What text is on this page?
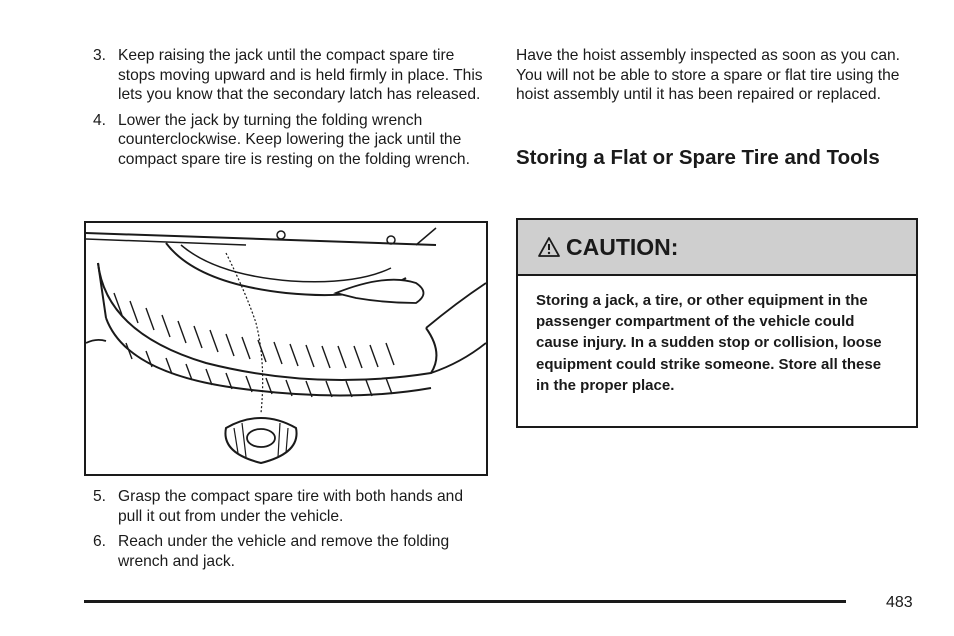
3. Keep raising the jack until the compact spare tire stops moving upward and is held firmly in place. This lets you know that the secondary latch has released.
4. Lower the jack by turning the folding wrench counterclockwise. Keep lowering the jack until the compact spare tire is resting on the folding wrench.
5. Grasp the compact spare tire with both hands and pull it out from under the vehicle.
6. Reach under the vehicle and remove the folding wrench and jack.

Have the hoist assembly inspected as soon as you can. You will not be able to store a spare or flat tire using the hoist assembly until it has been repaired or replaced.

Storing a Flat or Spare Tire and Tools
CAUTION:
Storing a jack, a tire, or other equipment in the passenger compartment of the vehicle could cause injury. In a sudden stop or collision, loose equipment could strike someone. Store all these in the proper place.
483
